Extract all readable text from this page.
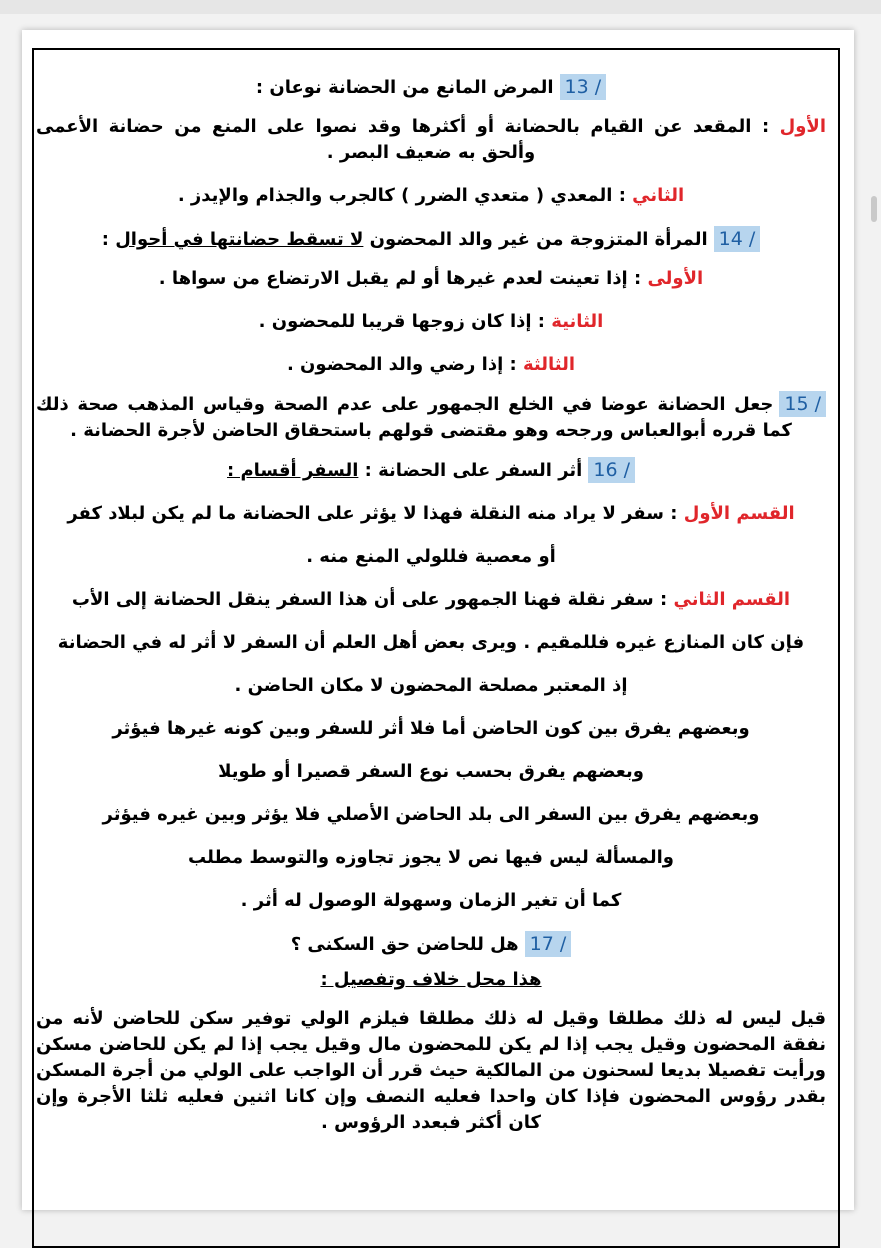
13 /المرض المانع من الحضانة نوعان :

الأول : المقعد عن القيام بالحضانة أو أكثرها وقد نصوا على المنع من حضانة الأعمى وألحق به ضعيف البصر .

الثاني : المعدي ( متعدي الضرر ) كالجرب والجذام والإيدز .

14 /المرأة المتزوجة من غير والد المحضون لا تسقط حضانتها في أحوال :

الأولى : إذا تعينت لعدم غيرها أو لم يقبل الارتضاع من سواها .

الثانية : إذا كان زوجها قريبا للمحضون .

الثالثة : إذا رضي والد المحضون .

15 /جعل الحضانة عوضا في الخلع الجمهور على عدم الصحة وقياس المذهب صحة ذلك كما قرره أبوالعباس ورجحه وهو مقتضى قولهم باستحقاق الحاضن لأجرة الحضانة .

16 /أثر السفر على الحضانة : السفر أقسام :

القسم الأول : سفر لا يراد منه النقلة فهذا لا يؤثر على الحضانة ما لم يكن لبلاد كفر

أو معصية فللولي المنع منه .

القسم الثاني : سفر نقلة فهنا الجمهور على أن هذا السفر ينقل الحضانة إلى الأب

فإن كان المنازع غيره فللمقيم . ويرى بعض أهل العلم أن السفر لا أثر له في الحضانة

إذ المعتبر مصلحة المحضون لا مكان الحاضن .

وبعضهم يفرق بين كون الحاضن أما فلا أثر للسفر وبين كونه غيرها فيؤثر

وبعضهم يفرق بحسب نوع السفر قصيرا أو طويلا

وبعضهم يفرق بين السفر الى بلد الحاضن الأصلي فلا يؤثر وبين غيره فيؤثر

والمسألة ليس فيها نص لا يجوز تجاوزه والتوسط مطلب

كما أن تغير الزمان وسهولة الوصول له أثر .

17 /هل للحاضن حق السكنى ؟

هذا محل خلاف وتفصيل :

قيل ليس له ذلك مطلقا وقيل له ذلك مطلقا فيلزم الولي توفير سكن للحاضن لأنه من نفقة المحضون وقيل يجب إذا لم يكن للمحضون مال وقيل يجب إذا لم يكن للحاضن مسكن ورأيت تفصيلا بديعا لسحنون من المالكية حيث قرر أن الواجب على الولي من أجرة المسكن بقدر رؤوس المحضون فإذا كان واحدا فعليه النصف وإن كانا اثنين فعليه ثلثا الأجرة وإن كان أكثر فبعدد الرؤوس .
